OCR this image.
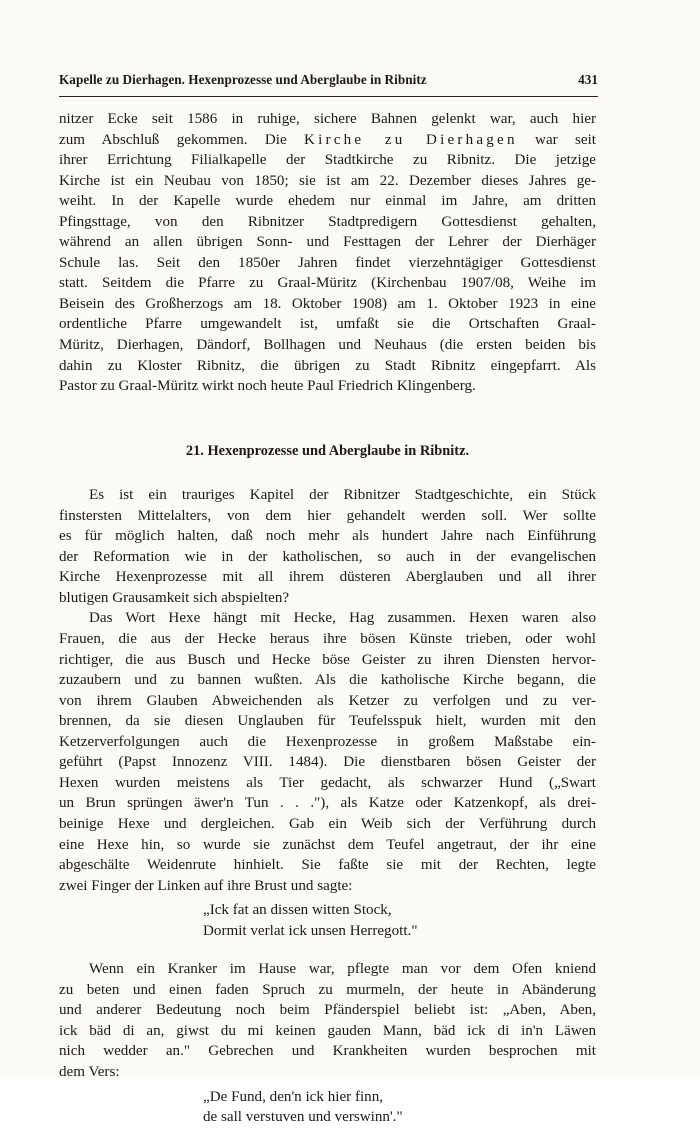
Kapelle zu Dierhagen. Hexenprozesse und Aberglaube in Ribnitz	431
nitzer Ecke seit 1586 in ruhige, sichere Bahnen gelenkt war, auch hier
zum Abschluß gekommen. Die Kirche zu Dierhagen war seit
ihrer Errichtung Filialkapelle der Stadtkirche zu Ribnitz. Die jetzige
Kirche ist ein Neubau von 1850; sie ist am 22. Dezember dieses Jahres ge-
weiht. In der Kapelle wurde ehedem nur einmal im Jahre, am dritten
Pfingsttage, von den Ribnitzer Stadtpredigern Gottesdienst gehalten,
während an allen übrigen Sonn- und Festtagen der Lehrer der Dierhäger
Schule las. Seit den 1850er Jahren findet vierzehntägiger Gottesdienst
statt. Seitdem die Pfarre zu Graal-Müritz (Kirchenbau 1907/08, Weihe im
Beisein des Großherzogs am 18. Oktober 1908) am 1. Oktober 1923 in eine
ordentliche Pfarre umgewandelt ist, umfaßt sie die Ortschaften Graal-
Müritz, Dierhagen, Dändorf, Bollhagen und Neuhaus (die ersten beiden bis
dahin zu Kloster Ribnitz, die übrigen zu Stadt Ribnitz eingepfarrt. Als
Pastor zu Graal-Müritz wirkt noch heute Paul Friedrich Klingenberg.
21. Hexenprozesse und Aberglaube in Ribnitz.
Es ist ein trauriges Kapitel der Ribnitzer Stadtgeschichte, ein Stück
finstersten Mittelalters, von dem hier gehandelt werden soll. Wer sollte
es für möglich halten, daß noch mehr als hundert Jahre nach Einführung
der Reformation wie in der katholischen, so auch in der evangelischen
Kirche Hexenprozesse mit all ihrem düsteren Aberglauben und all ihrer
blutigen Grausamkeit sich abspielten?
Das Wort Hexe hängt mit Hecke, Hag zusammen. Hexen waren also
Frauen, die aus der Hecke heraus ihre bösen Künste trieben, oder wohl
richtiger, die aus Busch und Hecke böse Geister zu ihren Diensten hervor-
zuzaubern und zu bannen wußten. Als die katholische Kirche begann, die
von ihrem Glauben Abweichenden als Ketzer zu verfolgen und zu ver-
brennen, da sie diesen Unglauben für Teufelsspuk hielt, wurden mit den
Ketzerverfolgungen auch die Hexenprozesse in großem Maßstabe ein-
geführt (Papst Innozenz VIII. 1484). Die dienstbaren bösen Geister der
Hexen wurden meistens als Tier gedacht, als schwarzer Hund („Swart
un Brun sprüngen äwer'n Tun . . ."), als Katze oder Katzenkopf, als drei-
beinige Hexe und dergleichen. Gab ein Weib sich der Verführung durch
eine Hexe hin, so wurde sie zunächst dem Teufel angetraut, der ihr eine
abgeschälte Weidenrute hinhielt. Sie faßte sie mit der Rechten, legte
zwei Finger der Linken auf ihre Brust und sagte:
„Ick fat an dissen witten Stock,
Dormit verlat ick unsen Herregott."
Wenn ein Kranker im Hause war, pflegte man vor dem Ofen kniend
zu beten und einen faden Spruch zu murmeln, der heute in Abänderung
und anderer Bedeutung noch beim Pfänderspiel beliebt ist: „Aben, Aben,
ick bäd di an, giwst du mi keinen gauden Mann, bäd ick di in'n Läwen
nich wedder an." Gebrechen und Krankheiten wurden besprochen mit
dem Vers:
„De Fund, den'n ick hier finn,
de sall verstuven und verswinn'."
